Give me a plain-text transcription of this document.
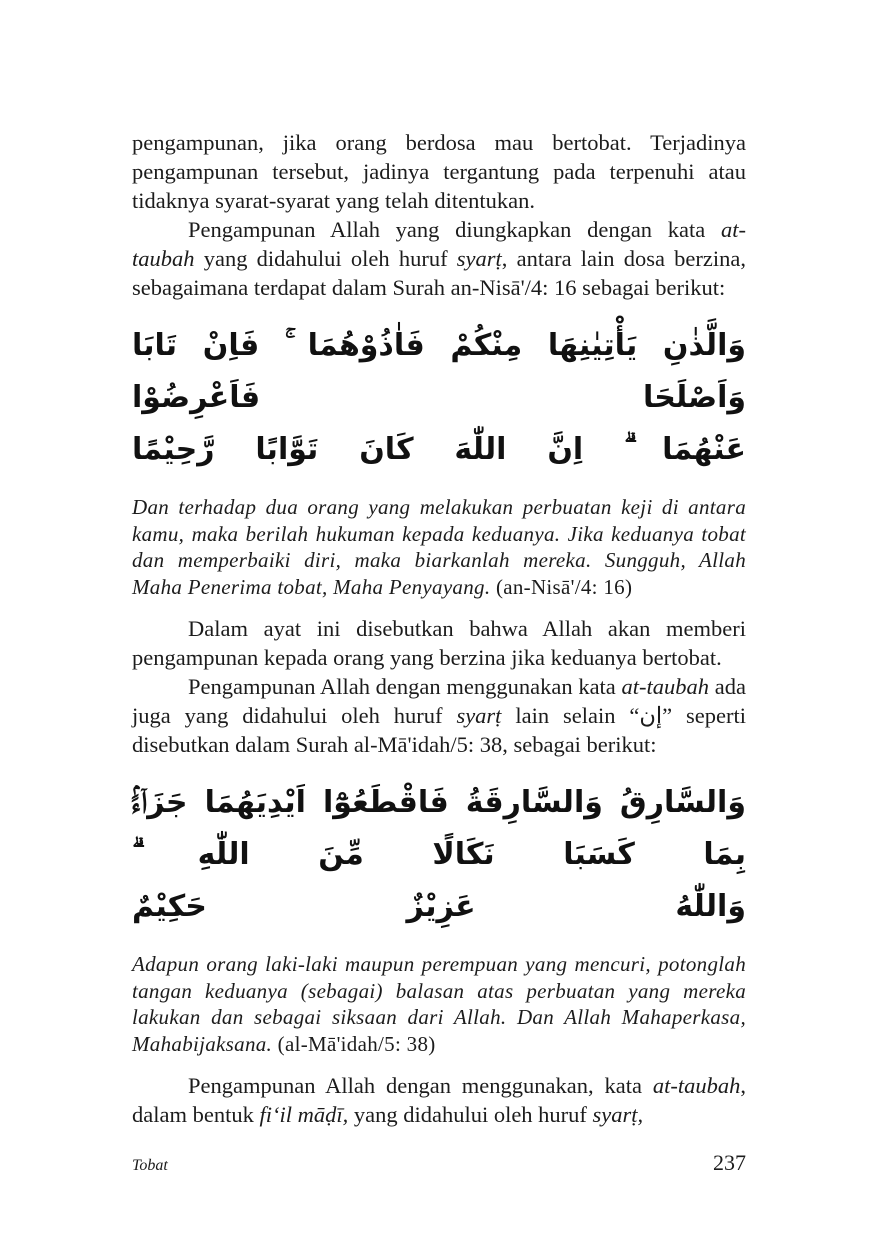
pengampunan, jika orang berdosa mau bertobat. Terjadinya pengampunan tersebut, jadinya tergantung pada terpenuhi atau tidaknya syarat-syarat yang telah ditentukan.

Pengampunan Allah yang diungkapkan dengan kata at-taubah yang didahului oleh huruf syarṭ, antara lain dosa berzina, sebagaimana terdapat dalam Surah an-Nisā'/4: 16 sebagai berikut:

وَالَّذٰنِ يَأْتِيٰنِهَا مِنْكُمْ فَاٰذُوْهُمَا ۚ فَاِنْ تَابَا وَاَصْلَحَا فَاَعْرِضُوْا
عَنْهُمَا ۗ اِنَّ اللّٰهَ كَانَ تَوَّابًا رَّحِيْمًا

Dan terhadap dua orang yang melakukan perbuatan keji di antara kamu, maka berilah hukuman kepada keduanya. Jika keduanya tobat dan memperbaiki diri, maka biarkanlah mereka. Sungguh, Allah Maha Penerima tobat, Maha Penyayang. (an-Nisā'/4: 16)

Dalam ayat ini disebutkan bahwa Allah akan memberi pengampunan kepada orang yang berzina jika keduanya bertobat.

Pengampunan Allah dengan menggunakan kata at-taubah ada juga yang didahului oleh huruf syarṭ lain selain “إن” seperti disebutkan dalam Surah al-Mā'idah/5: 38, sebagai berikut:

وَالسَّارِقُ وَالسَّارِقَةُ فَاقْطَعُوْٓا اَيْدِيَهُمَا جَزَاۤءًۢ بِمَا كَسَبَا نَكَالًا مِّنَ اللّٰهِ ۗ
وَاللّٰهُ عَزِيْزٌ حَكِيْمٌ

Adapun orang laki-laki maupun perempuan yang mencuri, potonglah tangan keduanya (sebagai) balasan atas perbuatan yang mereka lakukan dan sebagai siksaan dari Allah. Dan Allah Mahaperkasa, Mahabijaksana. (al-Mā'idah/5: 38)

Pengampunan Allah dengan menggunakan, kata at-taubah, dalam bentuk fi‘il māḍī, yang didahului oleh huruf syarṭ,

Tobat	237
